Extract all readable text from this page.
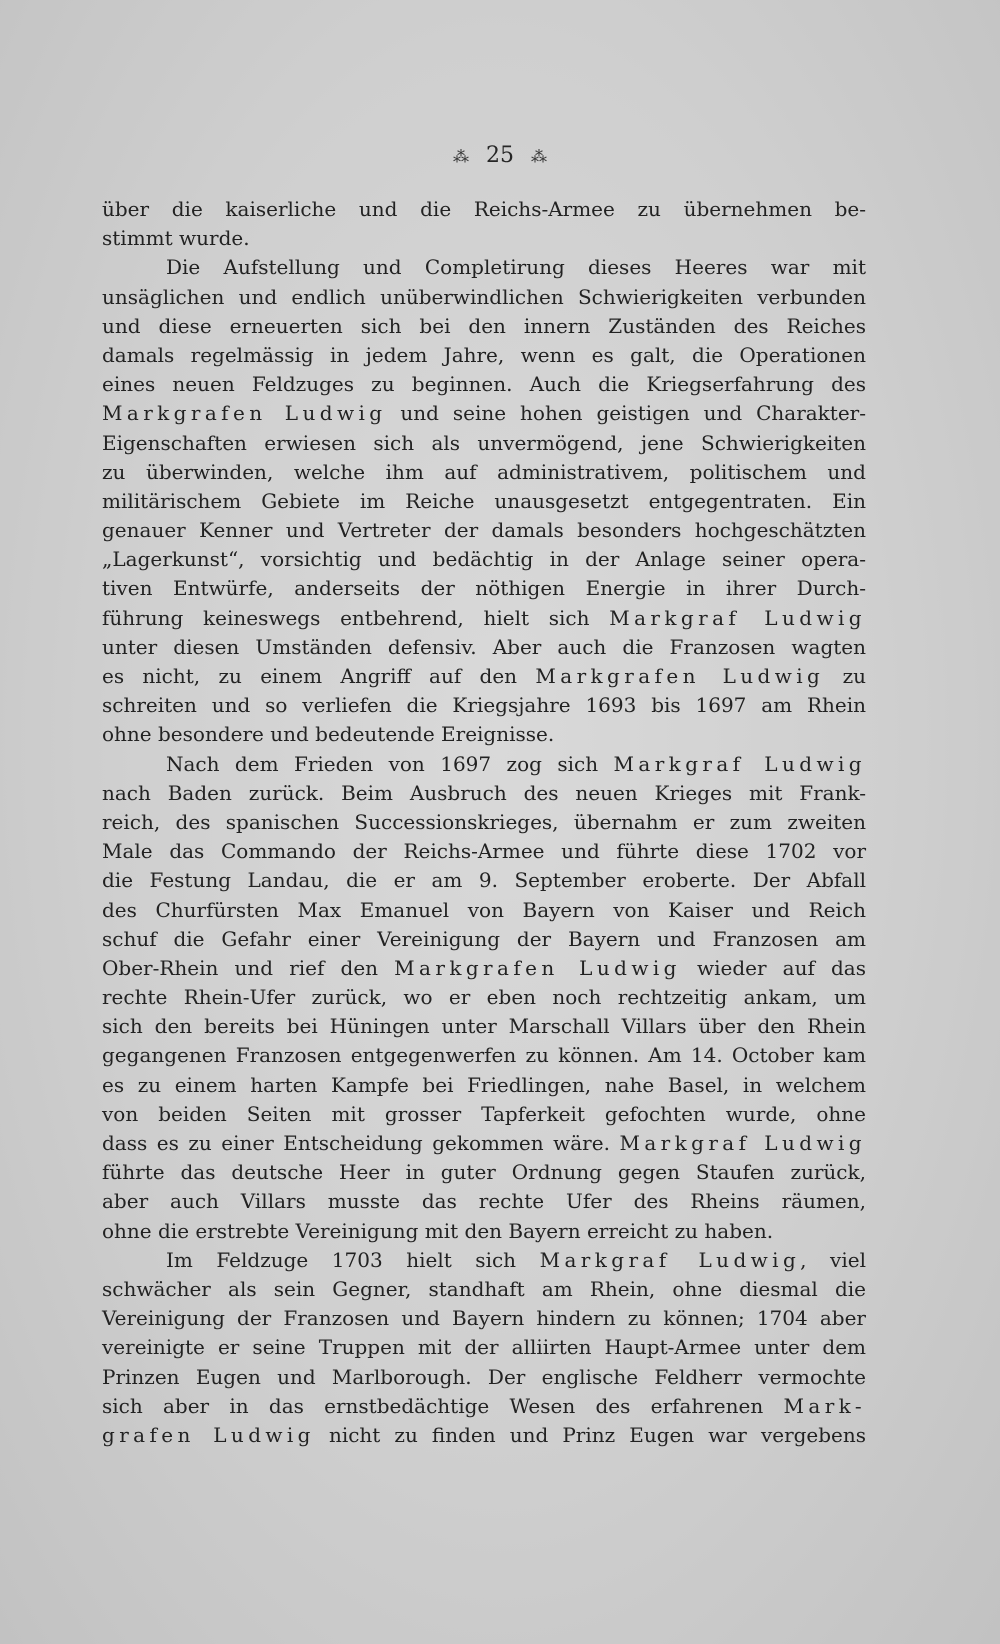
⁂ 25 ⁂
über die kaiserliche und die Reichs-Armee zu übernehmen be-
stimmt wurde.
Die Aufstellung und Completirung dieses Heeres war mit
unsäglichen und endlich unüberwindlichen Schwierigkeiten verbunden
und diese erneuerten sich bei den innern Zuständen des Reiches
damals regelmässig in jedem Jahre, wenn es galt, die Operationen
eines neuen Feldzuges zu beginnen. Auch die Kriegserfahrung des
Markgrafen Ludwig und seine hohen geistigen und Charakter-
Eigenschaften erwiesen sich als unvermögend, jene Schwierigkeiten
zu überwinden, welche ihm auf administrativem, politischem und
militärischem Gebiete im Reiche unausgesetzt entgegentraten. Ein
genauer Kenner und Vertreter der damals besonders hochgeschätzten
„Lagerkunst“, vorsichtig und bedächtig in der Anlage seiner opera-
tiven Entwürfe, anderseits der nöthigen Energie in ihrer Durch-
führung keineswegs entbehrend, hielt sich Markgraf Ludwig
unter diesen Umständen defensiv. Aber auch die Franzosen wagten
es nicht, zu einem Angriff auf den Markgrafen Ludwig zu
schreiten und so verliefen die Kriegsjahre 1693 bis 1697 am Rhein
ohne besondere und bedeutende Ereignisse.
Nach dem Frieden von 1697 zog sich Markgraf Ludwig
nach Baden zurück. Beim Ausbruch des neuen Krieges mit Frank-
reich, des spanischen Successionskrieges, übernahm er zum zweiten
Male das Commando der Reichs-Armee und führte diese 1702 vor
die Festung Landau, die er am 9. September eroberte. Der Abfall
des Churfürsten Max Emanuel von Bayern von Kaiser und Reich
schuf die Gefahr einer Vereinigung der Bayern und Franzosen am
Ober-Rhein und rief den Markgrafen Ludwig wieder auf das
rechte Rhein-Ufer zurück, wo er eben noch rechtzeitig ankam, um
sich den bereits bei Hüningen unter Marschall Villars über den Rhein
gegangenen Franzosen entgegenwerfen zu können. Am 14. October kam
es zu einem harten Kampfe bei Friedlingen, nahe Basel, in welchem
von beiden Seiten mit grosser Tapferkeit gefochten wurde, ohne
dass es zu einer Entscheidung gekommen wäre. Markgraf Ludwig
führte das deutsche Heer in guter Ordnung gegen Staufen zurück,
aber auch Villars musste das rechte Ufer des Rheins räumen,
ohne die erstrebte Vereinigung mit den Bayern erreicht zu haben.
Im Feldzuge 1703 hielt sich Markgraf Ludwig, viel
schwächer als sein Gegner, standhaft am Rhein, ohne diesmal die
Vereinigung der Franzosen und Bayern hindern zu können; 1704 aber
vereinigte er seine Truppen mit der alliirten Haupt-Armee unter dem
Prinzen Eugen und Marlborough. Der englische Feldherr vermochte
sich aber in das ernstbedächtige Wesen des erfahrenen Mark-
grafen Ludwig nicht zu finden und Prinz Eugen war vergebens
